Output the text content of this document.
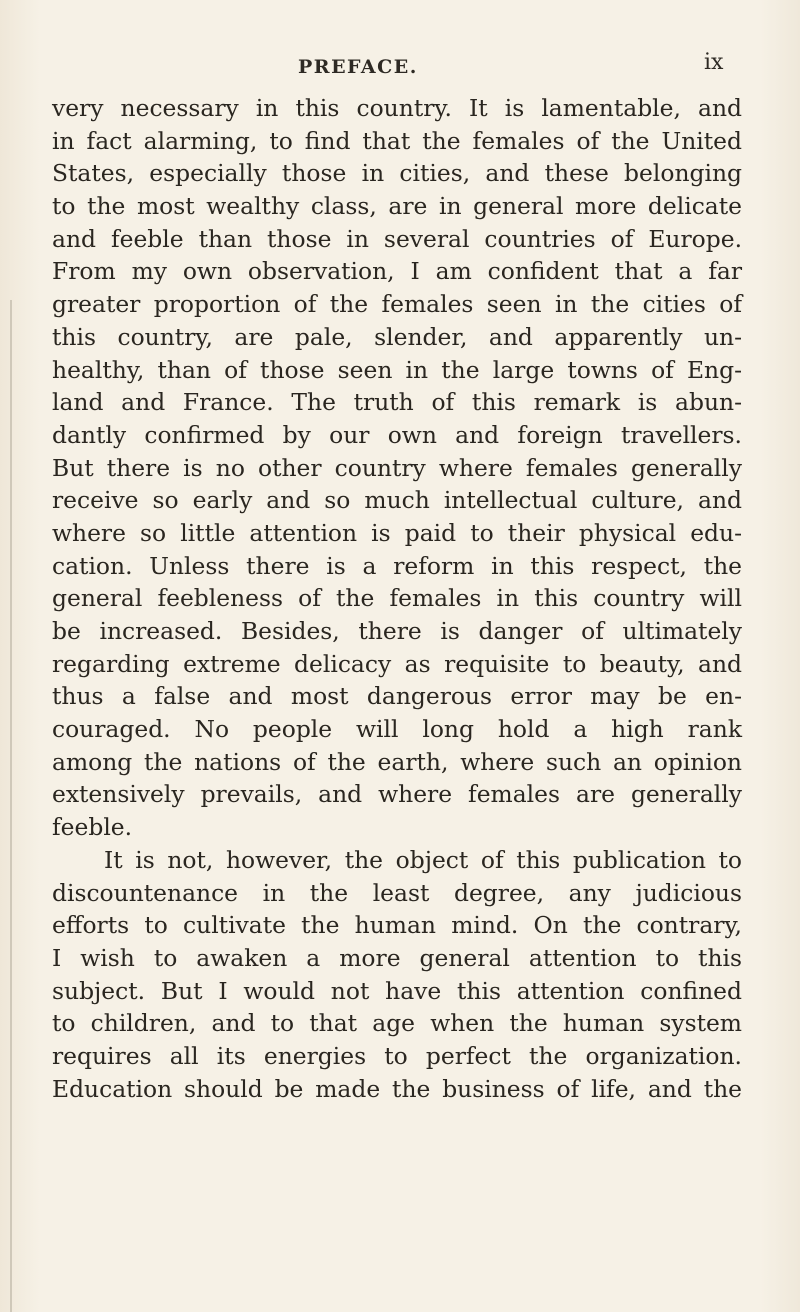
PREFACE.	ix
very necessary in this country. It is lamentable, and
in fact alarming, to find that the females of the United
States, especially those in cities, and these belonging
to the most wealthy class, are in general more delicate
and feeble than those in several countries of Europe.
From my own observation, I am confident that a far
greater proportion of the females seen in the cities of
this country, are pale, slender, and apparently un-
healthy, than of those seen in the large towns of Eng-
land and France. The truth of this remark is abun-
dantly confirmed by our own and foreign travellers.
But there is no other country where females generally
receive so early and so much intellectual culture, and
where so little attention is paid to their physical edu-
cation. Unless there is a reform in this respect, the
general feebleness of the females in this country will
be increased. Besides, there is danger of ultimately
regarding extreme delicacy as requisite to beauty, and
thus a false and most dangerous error may be en-
couraged. No people will long hold a high rank
among the nations of the earth, where such an opinion
extensively prevails, and where females are generally
feeble.
It is not, however, the object of this publication to
discountenance in the least degree, any judicious
efforts to cultivate the human mind. On the contrary,
I wish to awaken a more general attention to this
subject. But I would not have this attention confined
to children, and to that age when the human system
requires all its energies to perfect the organization.
Education should be made the business of life, and the
